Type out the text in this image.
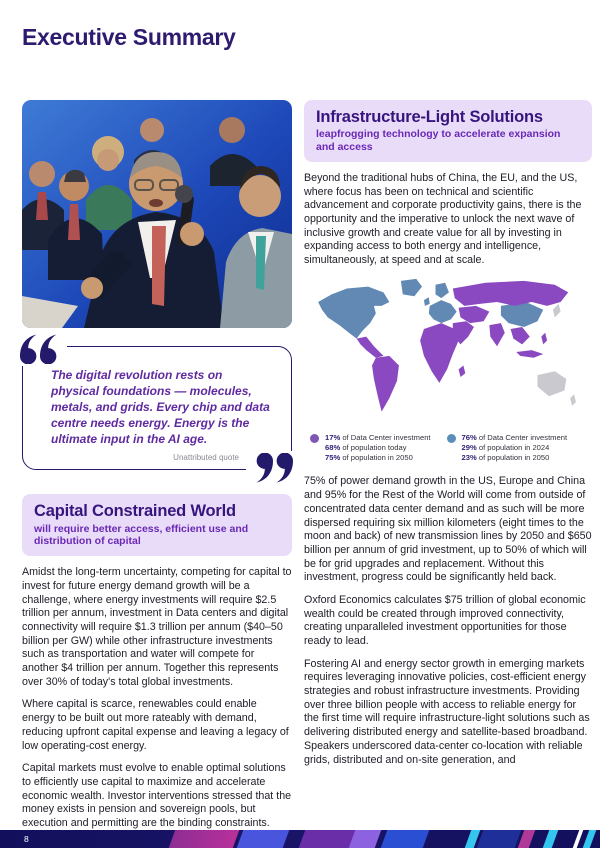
Executive Summary
The digital revolution rests on physical foundations — molecules, metals, and grids. Every chip and data centre needs energy. Energy is the ultimate input in the AI age.
Unattributed quote
Capital Constrained World
will require better access, efficient use and distribution of capital

Amidst the long-term uncertainty, competing for capital to invest for future energy demand growth will be a challenge, where energy investments will require $2.5 trillion per annum, investment in Data centers and digital connectivity will require $1.3 trillion per annum ($40–50 billion per GW) while other infrastructure investments such as transportation and water will compete for another $4 trillion per annum. Together this represents over 30% of today's total global investments.

Where capital is scarce, renewables could enable energy to be built out more rateably with demand, reducing upfront capital expense and leaving a legacy of low operating-cost energy.

Capital markets must evolve to enable optimal solutions to efficiently use capital to maximize and accelerate economic wealth. Investor interventions stressed that the money exists in pension and sovereign pools, but execution and permitting are the binding constraints.

Infrastructure-Light Solutions
leapfrogging technology to accelerate expansion and access

Beyond the traditional hubs of China, the EU, and the US, where focus has been on technical and scientific advancement and corporate productivity gains, there is the opportunity and the imperative to unlock the next wave of inclusive growth and create value for all by investing in expanding access to both energy and intelligence, simultaneously, at speed and at scale.

17% of Data Center investment
68% of population today
75% of population in 2050
76% of Data Center investment
29% of population in 2024
23% of population in 2050

75% of power demand growth in the US, Europe and China and 95% for the Rest of the World will come from outside of concentrated data center demand and as such will be more dispersed requiring six million kilometers (eight times to the moon and back) of new transmission lines by 2050 and $650 billion per annum of grid investment, up to 50% of which will be for grid upgrades and replacement. Without this investment, progress could be significantly held back.

Oxford Economics calculates $75 trillion of global economic wealth could be created through improved connectivity, creating unparalleled investment opportunities for those ready to lead.

Fostering AI and energy sector growth in emerging markets requires leveraging innovative policies, cost-efficient energy strategies and robust infrastructure investments. Providing over three billion people with access to reliable energy for the first time will require infrastructure-light solutions such as delivering distributed energy and satellite-based broadband. Speakers underscored data-center co-location with reliable grids, distributed and on-site generation, and

8
